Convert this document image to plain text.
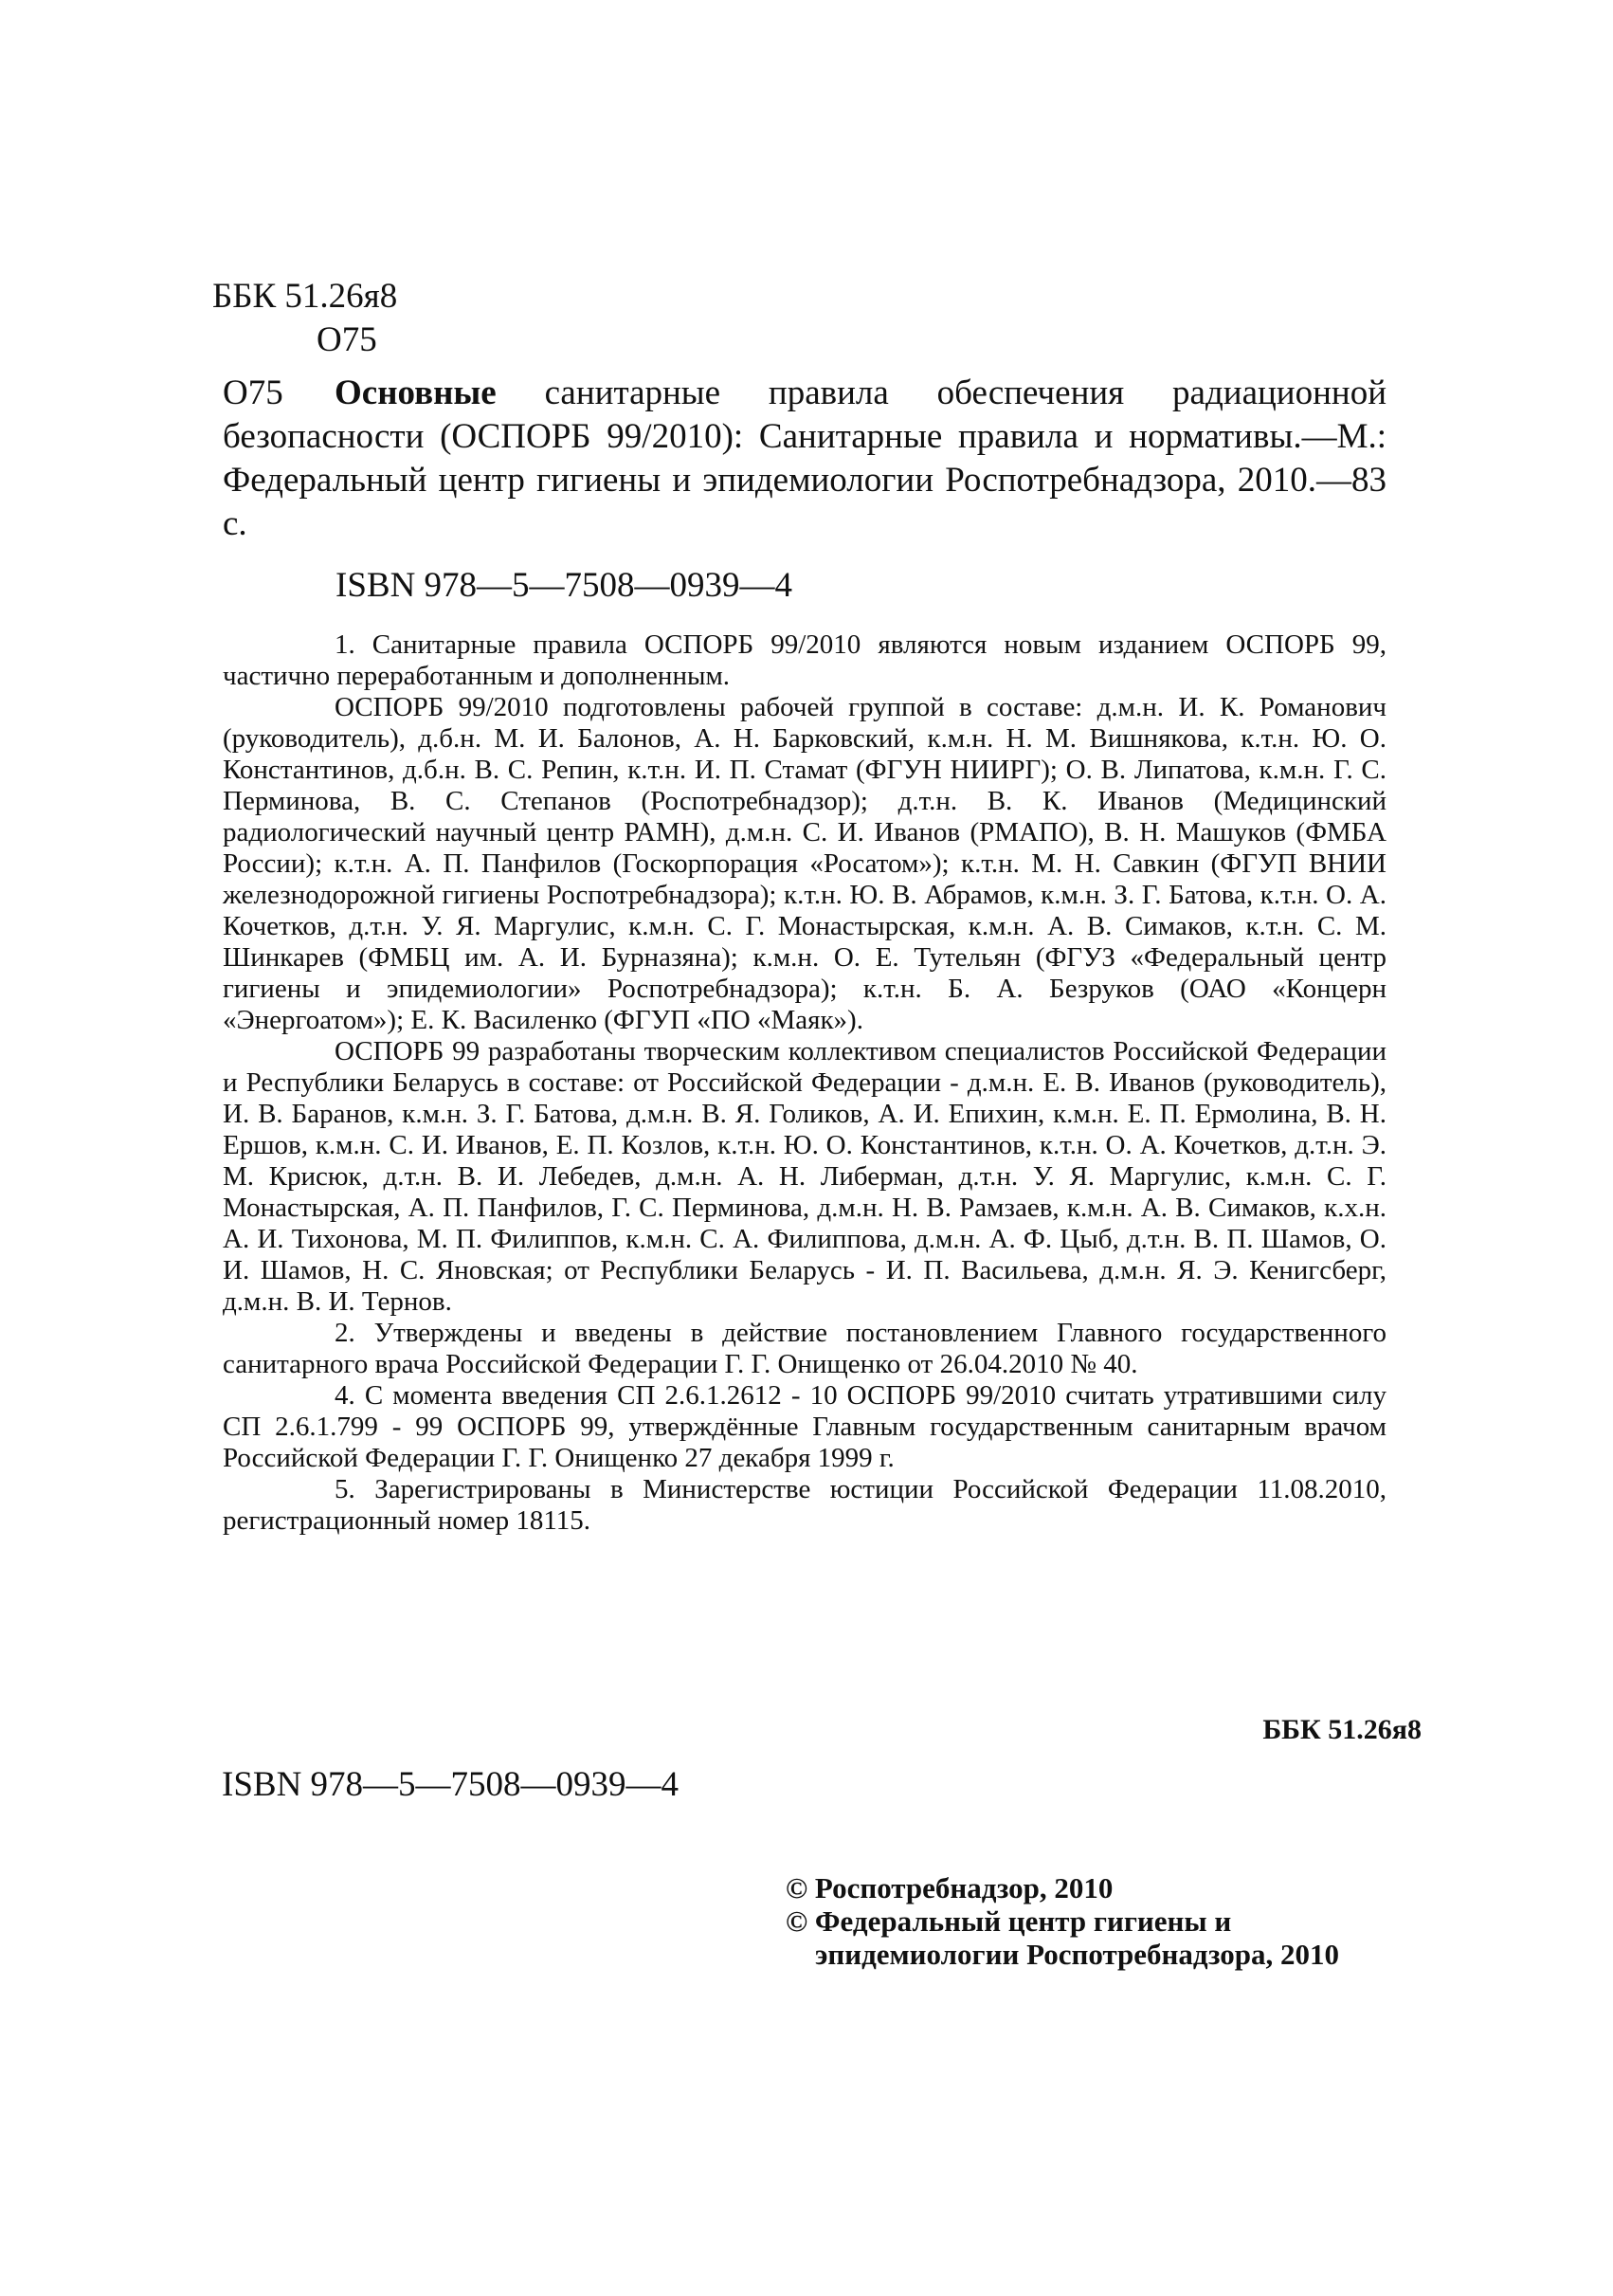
ББК 51.26я8
О75
О75 Основные санитарные правила обеспечения радиационной безопасности (ОСПОРБ 99/2010): Санитарные правила и нормативы.—М.: Федеральный центр гигиены и эпидемиологии Роспотребнадзора, 2010.—83 с.
ISBN 978—5—7508—0939—4

1. Санитарные правила ОСПОРБ 99/2010 являются новым изданием ОСПОРБ 99, частично переработанным и дополненным.

ОСПОРБ 99/2010 подготовлены рабочей группой в составе: д.м.н. И. К. Романович (руководитель), д.б.н. М. И. Балонов, А. Н. Барковский, к.м.н. Н. М. Вишнякова, к.т.н. Ю. О. Константинов, д.б.н. В. С. Репин, к.т.н. И. П. Стамат (ФГУН НИИРГ); О. В. Липатова, к.м.н. Г. С. Перминова, В. С. Степанов (Роспотребнадзор); д.т.н. В. К. Иванов (Медицинский радиологический научный центр РАМН), д.м.н. С. И. Иванов (РМАПО), В. Н. Машуков (ФМБА России); к.т.н. А. П. Панфилов (Госкорпорация «Росатом»); к.т.н. М. Н. Савкин (ФГУП ВНИИ железнодорожной гигиены Роспотребнадзора); к.т.н. Ю. В. Абрамов, к.м.н. З. Г. Батова, к.т.н. О. А. Кочетков, д.т.н. У. Я. Маргулис, к.м.н. С. Г. Монастырская, к.м.н. А. В. Симаков, к.т.н. С. М. Шинкарев (ФМБЦ им. А. И. Бурназяна); к.м.н. О. Е. Тутельян (ФГУЗ «Федеральный центр гигиены и эпидемиологии» Роспотребнадзора); к.т.н. Б. А. Безруков (ОАО «Концерн «Энергоатом»); Е. К. Василенко (ФГУП «ПО «Маяк»).

ОСПОРБ 99 разработаны творческим коллективом специалистов Российской Федерации и Республики Беларусь в составе: от Российской Федерации - д.м.н. Е. В. Иванов (руководитель), И. В. Баранов, к.м.н. З. Г. Батова, д.м.н. В. Я. Голиков, А. И. Епихин, к.м.н. Е. П. Ермолина, В. Н. Ершов, к.м.н. С. И. Иванов, Е. П. Козлов, к.т.н. Ю. О. Константинов, к.т.н. О. А. Кочетков, д.т.н. Э. М. Крисюк, д.т.н. В. И. Лебедев, д.м.н. А. Н. Либерман, д.т.н. У. Я. Маргулис, к.м.н. С. Г. Монастырская, А. П. Панфилов, Г. С. Перминова, д.м.н. Н. В. Рамзаев, к.м.н. А. В. Симаков, к.х.н. А. И. Тихонова, М. П. Филиппов, к.м.н. С. А. Филиппова, д.м.н. А. Ф. Цыб, д.т.н. В. П. Шамов, О. И. Шамов, Н. С. Яновская; от Республики Беларусь - И. П. Васильева, д.м.н. Я. Э. Кенигсберг, д.м.н. В. И. Тернов.

2. Утверждены и введены в действие постановлением Главного государственного санитарного врача Российской Федерации Г. Г. Онищенко от 26.04.2010 № 40.

4. С момента введения СП 2.6.1.2612 - 10 ОСПОРБ 99/2010 считать утратившими силу СП 2.6.1.799 - 99 ОСПОРБ 99, утверждённые Главным государственным санитарным врачом Российской Федерации Г. Г. Онищенко 27 декабря 1999 г.

5. Зарегистрированы в Министерстве юстиции Российской Федерации 11.08.2010, регистрационный номер 18115.

ББК 51.26я8
ISBN 978—5—7508—0939—4
© Роспотребнадзор, 2010
© Федеральный центр гигиены и
эпидемиологии Роспотребнадзора, 2010
